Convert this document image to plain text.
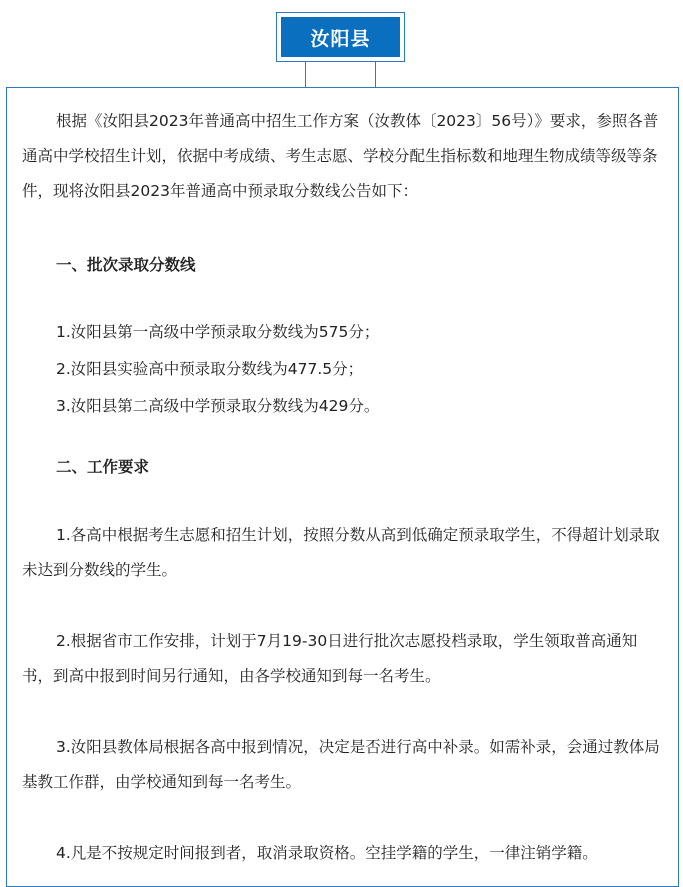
汝阳县

根据《汝阳县2023年普通高中招生工作方案（汝教体〔2023〕56号）》要求，参照各普通高中学校招生计划，依据中考成绩、考生志愿、学校分配生指标数和地理生物成绩等级等条件，现将汝阳县2023年普通高中预录取分数线公告如下：

一、批次录取分数线

1.汝阳县第一高级中学预录取分数线为575分；

2.汝阳县实验高中预录取分数线为477.5分；

3.汝阳县第二高级中学预录取分数线为429分。

二、工作要求

1.各高中根据考生志愿和招生计划，按照分数从高到低确定预录取学生，不得超计划录取未达到分数线的学生。

2.根据省市工作安排，计划于7月19-30日进行批次志愿投档录取，学生领取普高通知书，到高中报到时间另行通知，由各学校通知到每一名考生。

3.汝阳县教体局根据各高中报到情况，决定是否进行高中补录。如需补录，会通过教体局基教工作群，由学校通知到每一名考生。

4.凡是不按规定时间报到者，取消录取资格。空挂学籍的学生，一律注销学籍。
